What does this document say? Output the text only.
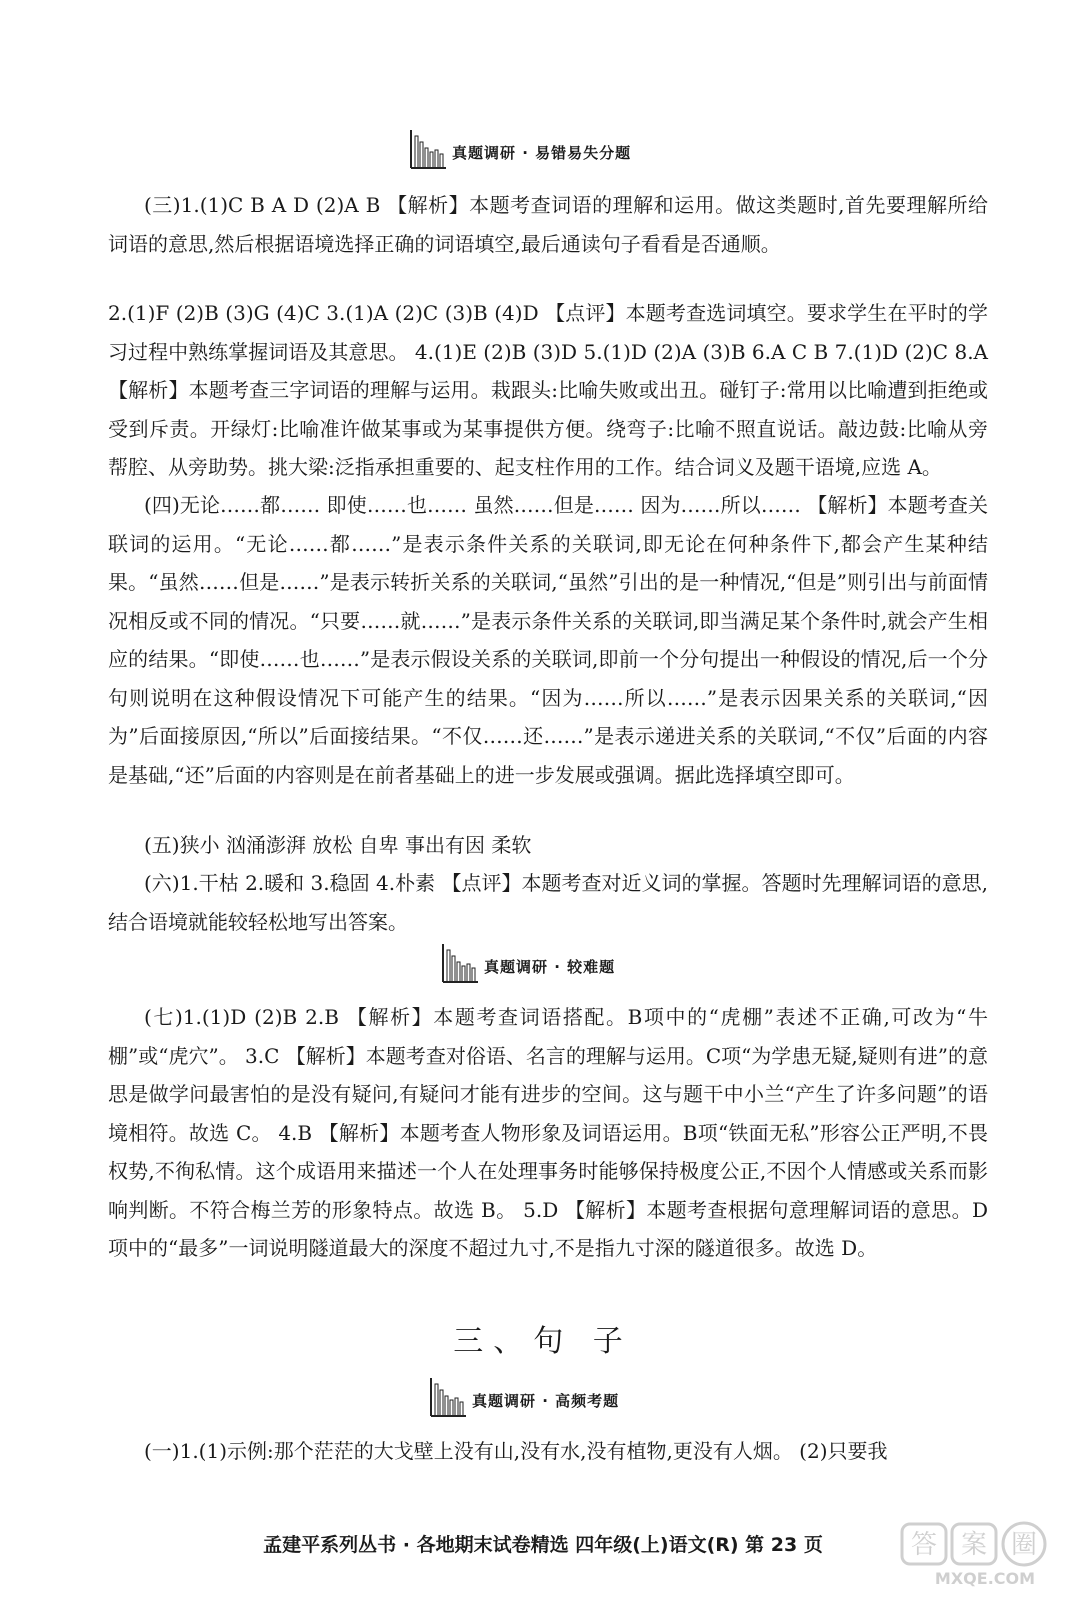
真题调研 · 易错易失分题
(三)1.(1)C B A D (2)A B 【解析】本题考查词语的理解和运用。做这类题时,首先要理解所给词语的意思,然后根据语境选择正确的词语填空,最后通读句子看看是否通顺。
2.(1)F (2)B (3)G (4)C 3.(1)A (2)C (3)B (4)D 【点评】本题考查选词填空。要求学生在平时的学习过程中熟练掌握词语及其意思。 4.(1)E (2)B (3)D 5.(1)D (2)A (3)B 6.A C B 7.(1)D (2)C 8.A 【解析】本题考查三字词语的理解与运用。栽跟头:比喻失败或出丑。碰钉子:常用以比喻遭到拒绝或受到斥责。开绿灯:比喻准许做某事或为某事提供方便。绕弯子:比喻不照直说话。敲边鼓:比喻从旁帮腔、从旁助势。挑大梁:泛指承担重要的、起支柱作用的工作。结合词义及题干语境,应选 A。
(四)无论……都…… 即使……也…… 虽然……但是…… 因为……所以…… 【解析】本题考查关联词的运用。“无论……都……”是表示条件关系的关联词,即无论在何种条件下,都会产生某种结果。“虽然……但是……”是表示转折关系的关联词,“虽然”引出的是一种情况,“但是”则引出与前面情况相反或不同的情况。“只要……就……”是表示条件关系的关联词,即当满足某个条件时,就会产生相应的结果。“即使……也……”是表示假设关系的关联词,即前一个分句提出一种假设的情况,后一个分句则说明在这种假设情况下可能产生的结果。“因为……所以……”是表示因果关系的关联词,“因为”后面接原因,“所以”后面接结果。“不仅……还……”是表示递进关系的关联词,“不仅”后面的内容是基础,“还”后面的内容则是在前者基础上的进一步发展或强调。据此选择填空即可。
(五)狭小 汹涌澎湃 放松 自卑 事出有因 柔软
(六)1.干枯 2.暖和 3.稳固 4.朴素 【点评】本题考查对近义词的掌握。答题时先理解词语的意思,结合语境就能较轻松地写出答案。
真题调研 · 较难题
(七)1.(1)D (2)B 2.B 【解析】本题考查词语搭配。B项中的“虎棚”表述不正确,可改为“牛棚”或“虎穴”。 3.C 【解析】本题考查对俗语、名言的理解与运用。C项“为学患无疑,疑则有进”的意思是做学问最害怕的是没有疑问,有疑问才能有进步的空间。这与题干中小兰“产生了许多问题”的语境相符。故选 C。 4.B 【解析】本题考查人物形象及词语运用。B项“铁面无私”形容公正严明,不畏权势,不徇私情。这个成语用来描述一个人在处理事务时能够保持极度公正,不因个人情感或关系而影响判断。不符合梅兰芳的形象特点。故选 B。 5.D 【解析】本题考查根据句意理解词语的意思。D项中的“最多”一词说明隧道最大的深度不超过九寸,不是指九寸深的隧道很多。故选 D。
三、句 子
真题调研 · 高频考题
(一)1.(1)示例:那个茫茫的大戈壁上没有山,没有水,没有植物,更没有人烟。 (2)只要我
孟建平系列丛书 · 各地期末试卷精选 四年级(上)语文(R) 第 23 页	答 案 圈
MXQE.COM
